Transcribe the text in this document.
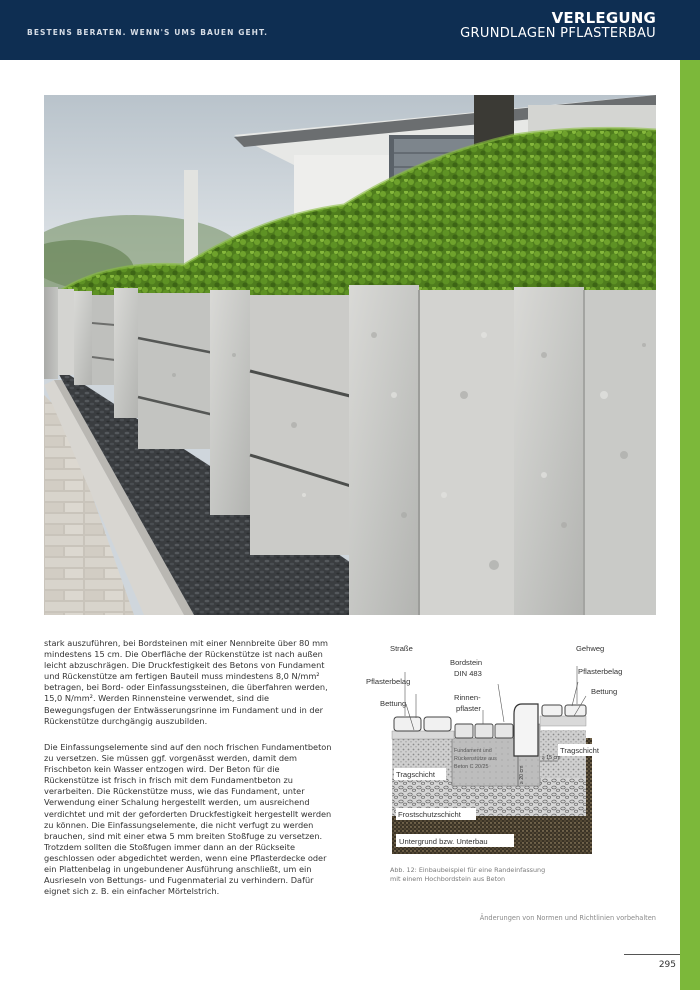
BESTENS BERATEN. WENN'S UMS BAUEN GEHT.
VERLEGUNG
GRUNDLAGEN PFLASTERBAU
stark auszuführen, bei Bordsteinen mit einer Nennbreite über 80 mm mindestens 15 cm. Die Oberfläche der Rückenstütze ist nach außen leicht abzuschrägen. Die Druckfestigkeit des Betons von Fundament und Rückenstütze am fertigen Bauteil muss mindestens 8,0 N/mm² betragen, bei Bord- oder Einfassungssteinen, die überfahren werden, 15,0 N/mm². Werden Rinnensteine verwendet, sind die Bewegungsfugen der Entwässerungsrinne im Fundament und in der Rückenstütze durchgängig auszubilden.
Die Einfassungselemente sind auf den noch frischen Fundamentbeton zu versetzen. Sie müssen ggf. vorgenässt werden, damit dem Frischbeton kein Wasser entzogen wird. Der Beton für die Rückenstütze ist frisch in frisch mit dem Fundamentbeton zu verarbeiten. Die Rückenstütze muss, wie das Fundament, unter Verwendung einer Schalung hergestellt werden, um ausreichend verdichtet und mit der geforderten Druckfestigkeit hergestellt werden zu können. Die Einfassungselemente, die nicht verfugt zu werden brauchen, sind mit einer etwa 5 mm breiten Stoßfuge zu versetzen. Trotzdem sollten die Stoßfugen immer dann an der Rückseite geschlossen oder abgedichtet werden, wenn eine Pflasterdecke oder ein Plattenbelag in ungebundener Ausführung anschließt, um ein Ausrieseln von Bettungs- und Fugenmaterial zu verhindern. Dafür eignet sich z. B. ein einfacher Mörtelstrich.
Straße	Gehweg
Bordstein
DIN 483
Pflasterbelag
Pflasterbelag
Bettung
Bettung
Rinnen-
pflaster
Tragschicht
Tragschicht
Fundament und
Rückenstütze aus
Beton C 20/25
≥ 15 cm
≥ 20 cm
Frostschutzschicht
Untergrund bzw. Unterbau
Abb. 12: Einbaubeispiel für eine Randeinfassung
mit einem Hochbordstein aus Beton
Änderungen von Normen und Richtlinien vorbehalten
295
